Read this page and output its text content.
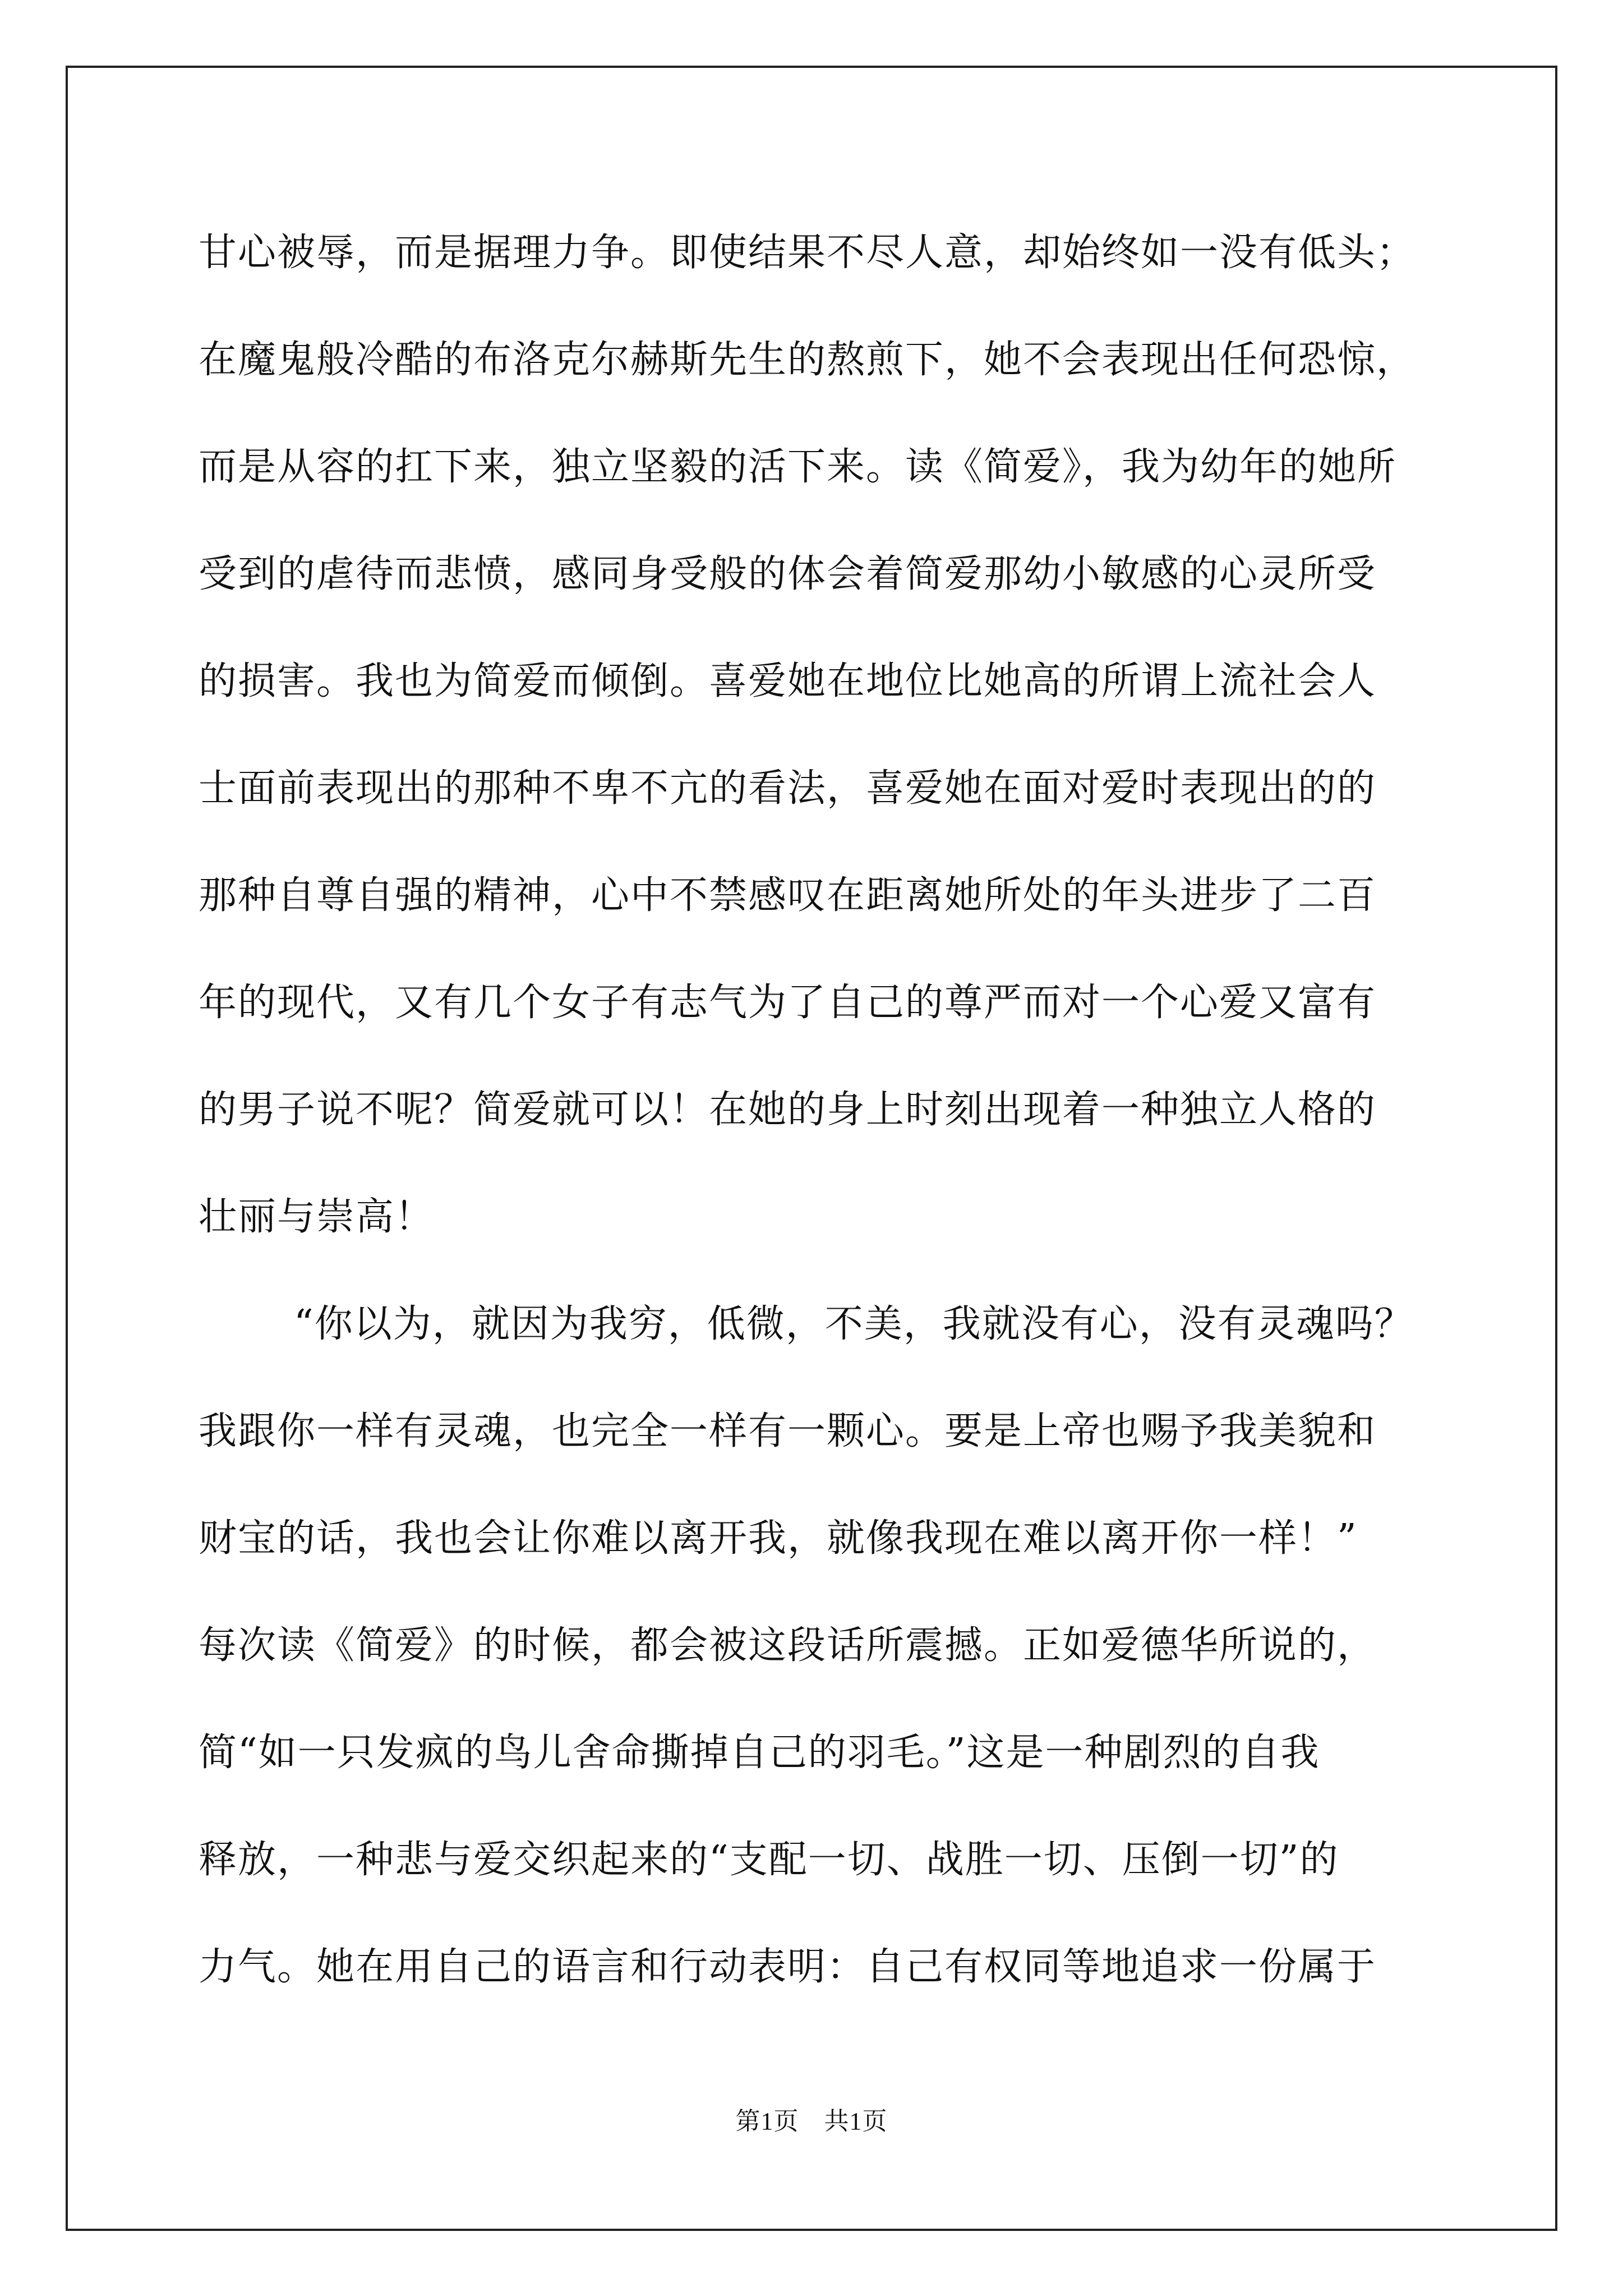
甘心被辱，而是据理力争。即使结果不尽人意，却始终如一没有低头；
在魔鬼般冷酷的布洛克尔赫斯先生的熬煎下，她不会表现出任何恐惊，
而是从容的扛下来，独立坚毅的活下来。读《简爱》，我为幼年的她所
受到的虐待而悲愤，感同身受般的体会着简爱那幼小敏感的心灵所受
的损害。我也为简爱而倾倒。喜爱她在地位比她高的所谓上流社会人
士面前表现出的那种不卑不亢的看法，喜爱她在面对爱时表现出的的
那种自尊自强的精神，心中不禁感叹在距离她所处的年头进步了二百
年的现代，又有几个女子有志气为了自己的尊严而对一个心爱又富有
的男子说不呢？简爱就可以！在她的身上时刻出现着一种独立人格的
壮丽与崇高！
“你以为，就因为我穷，低微，不美，我就没有心，没有灵魂吗？
我跟你一样有灵魂，也完全一样有一颗心。要是上帝也赐予我美貌和
财宝的话，我也会让你难以离开我，就像我现在难以离开你一样！”
每次读《简爱》的时候，都会被这段话所震撼。正如爱德华所说的，
简“如一只发疯的鸟儿舍命撕掉自己的羽毛。”这是一种剧烈的自我
释放，一种悲与爱交织起来的“支配一切、战胜一切、压倒一切”的
力气。她在用自己的语言和行动表明：自己有权同等地追求一份属于
第1页　共1页
